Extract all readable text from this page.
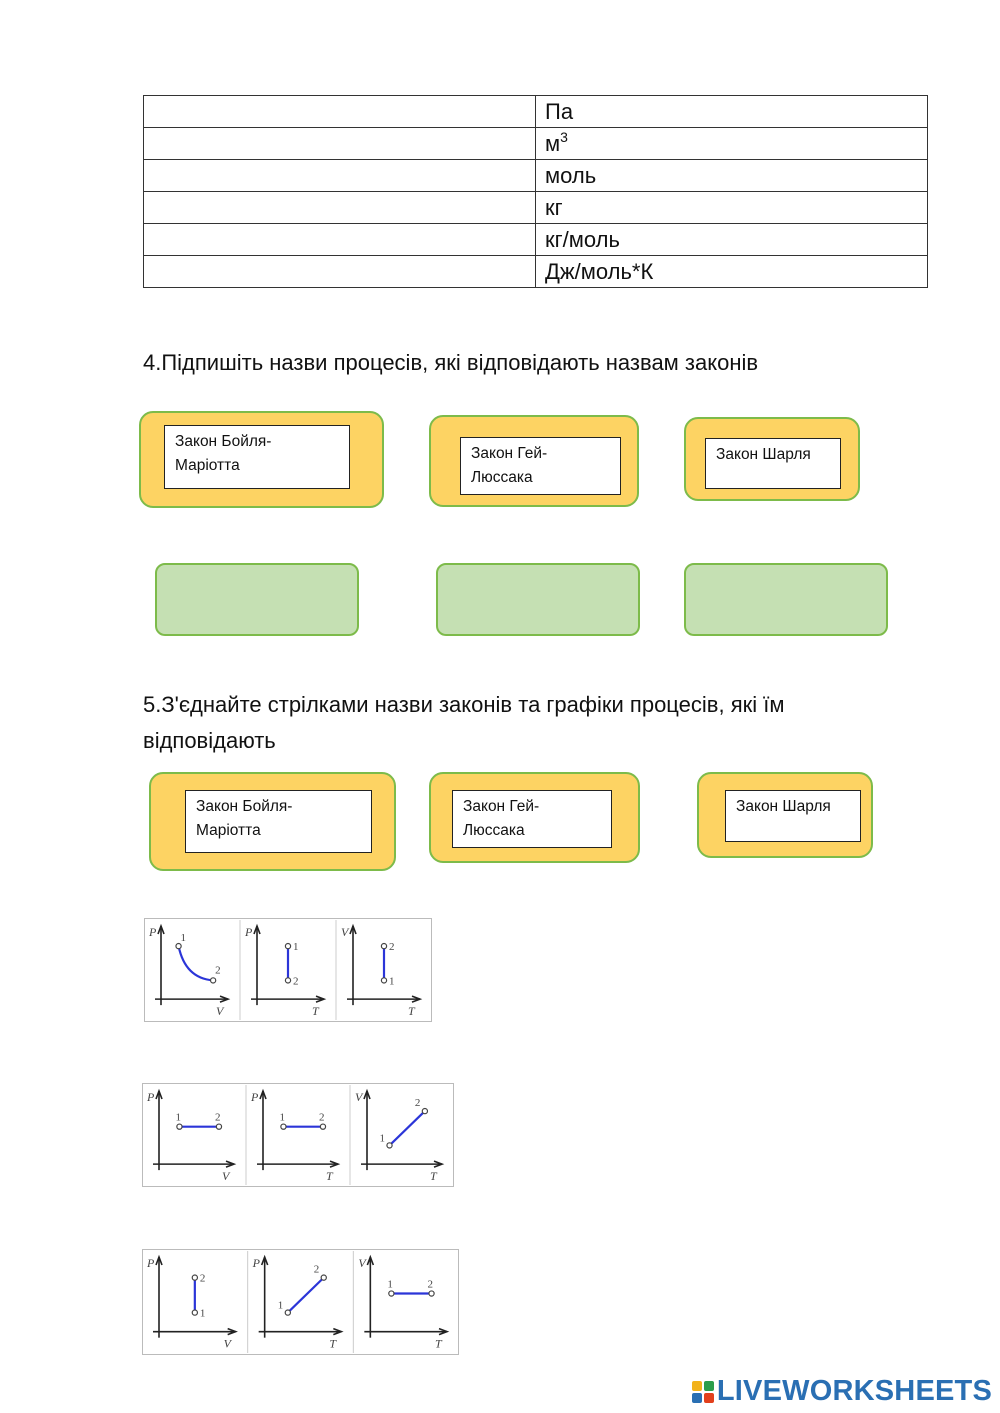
	Па
	$м^3$
	моль
	кг
	кг/моль
	Дж/моль*К
4.Підпишіть назви процесів, які відповідають назвам законів
Закон Бойля-
Маріотта
Закон Гей-
Люссака
Закон Шарля
5.З'єднайте стрілками назви законів та графіки процесів, які їм відповідають
Закон Бойля-
Маріотта
Закон Гей-
Люссака
Закон Шарля
P
V
1
2
P
T
1
2
V
T
1
2
P
V
1	2
P
T
1	2
V
T
1
2
P
V
1
2
P
T
1
2	V
T
1	2
LIVEWORKSHEETS
